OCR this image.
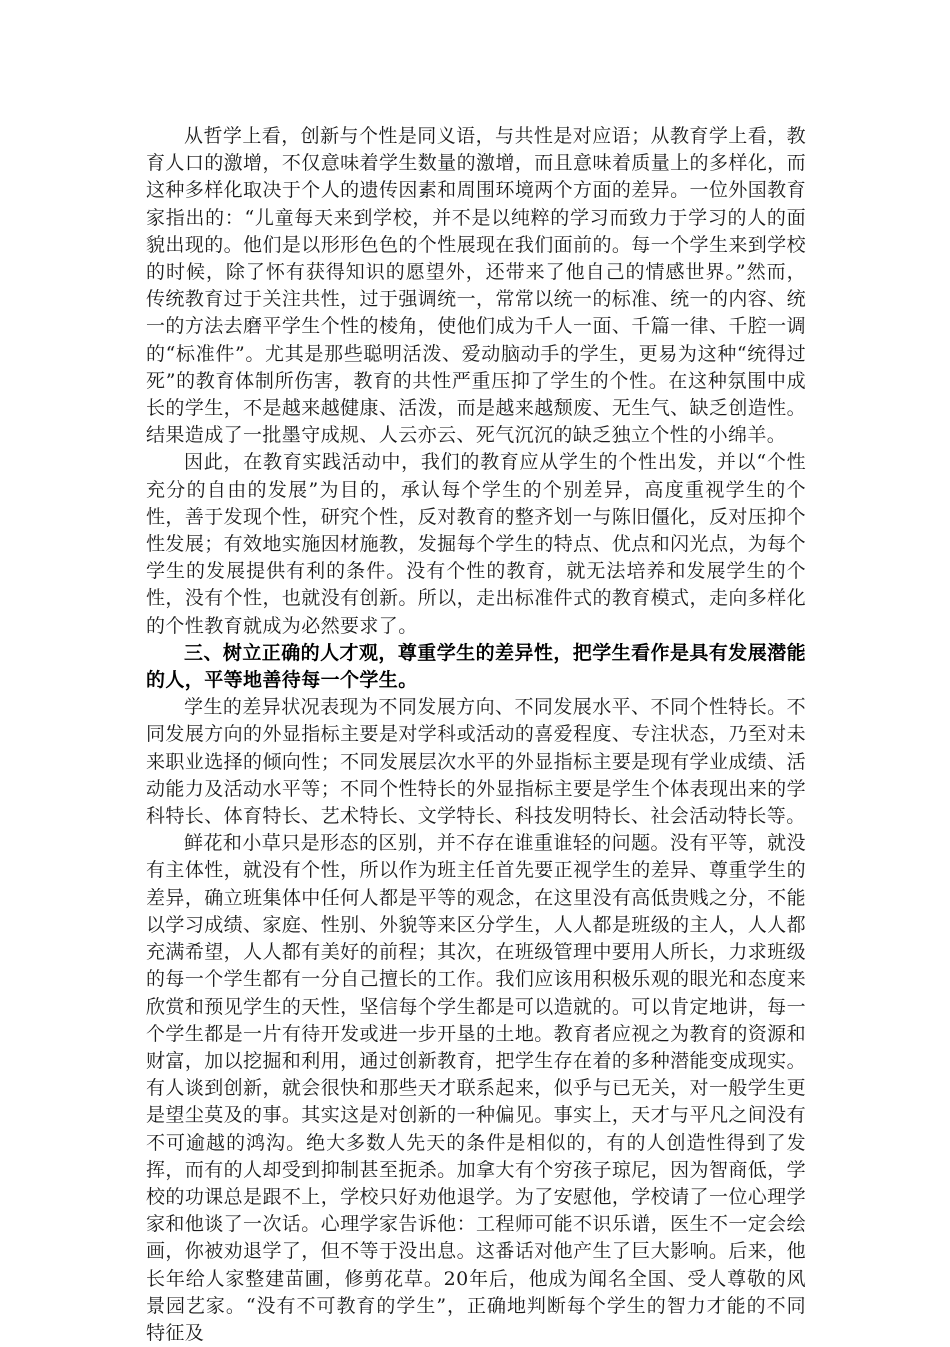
从哲学上看，创新与个性是同义语，与共性是对应语；从教育学上看，教育人口的激增，不仅意味着学生数量的激增，而且意味着质量上的多样化，而这种多样化取决于个人的遗传因素和周围环境两个方面的差异。一位外国教育家指出的：“儿童每天来到学校，并不是以纯粹的学习而致力于学习的人的面貌出现的。他们是以形形色色的个性展现在我们面前的。每一个学生来到学校的时候，除了怀有获得知识的愿望外，还带来了他自己的情感世界。”然而，传统教育过于关注共性，过于强调统一，常常以统一的标准、统一的内容、统一的方法去磨平学生个性的棱角，使他们成为千人一面、千篇一律、千腔一调的“标准件”。尤其是那些聪明活泼、爱动脑动手的学生，更易为这种“统得过死”的教育体制所伤害，教育的共性严重压抑了学生的个性。在这种氛围中成长的学生，不是越来越健康、活泼，而是越来越颓废、无生气、缺乏创造性。结果造成了一批墨守成规、人云亦云、死气沉沉的缺乏独立个性的小绵羊。

因此，在教育实践活动中，我们的教育应从学生的个性出发，并以“个性充分的自由的发展”为目的，承认每个学生的个别差异，高度重视学生的个性，善于发现个性，研究个性，反对教育的整齐划一与陈旧僵化，反对压抑个性发展；有效地实施因材施教，发掘每个学生的特点、优点和闪光点，为每个学生的发展提供有利的条件。没有个性的教育，就无法培养和发展学生的个性，没有个性，也就没有创新。所以，走出标准件式的教育模式，走向多样化的个性教育就成为必然要求了。

三、树立正确的人才观，尊重学生的差异性，把学生看作是具有发展潜能的人，平等地善待每一个学生。

学生的差异状况表现为不同发展方向、不同发展水平、不同个性特长。不同发展方向的外显指标主要是对学科或活动的喜爱程度、专注状态，乃至对未来职业选择的倾向性；不同发展层次水平的外显指标主要是现有学业成绩、活动能力及活动水平等；不同个性特长的外显指标主要是学生个体表现出来的学科特长、体育特长、艺术特长、文学特长、科技发明特长、社会活动特长等。

鲜花和小草只是形态的区别，并不存在谁重谁轻的问题。没有平等，就没有主体性，就没有个性，所以作为班主任首先要正视学生的差异、尊重学生的差异，确立班集体中任何人都是平等的观念，在这里没有高低贵贱之分，不能以学习成绩、家庭、性别、外貌等来区分学生，人人都是班级的主人，人人都充满希望，人人都有美好的前程；其次，在班级管理中要用人所长，力求班级的每一个学生都有一分自己擅长的工作。我们应该用积极乐观的眼光和态度来欣赏和预见学生的天性，坚信每个学生都是可以造就的。可以肯定地讲，每一个学生都是一片有待开发或进一步开垦的土地。教育者应视之为教育的资源和财富，加以挖掘和利用，通过创新教育，把学生存在着的多种潜能变成现实。有人谈到创新，就会很快和那些天才联系起来，似乎与已无关，对一般学生更是望尘莫及的事。其实这是对创新的一种偏见。事实上，天才与平凡之间没有不可逾越的鸿沟。绝大多数人先天的条件是相似的，有的人创造性得到了发挥，而有的人却受到抑制甚至扼杀。加拿大有个穷孩子琼尼，因为智商低，学校的功课总是跟不上，学校只好劝他退学。为了安慰他，学校请了一位心理学家和他谈了一次话。心理学家告诉他：工程师可能不识乐谱，医生不一定会绘画，你被劝退学了，但不等于没出息。这番话对他产生了巨大影响。后来，他长年给人家整建苗圃，修剪花草。20年后，他成为闻名全国、受人尊敬的风景园艺家。“没有不可教育的学生”，正确地判断每个学生的智力才能的不同特征及
